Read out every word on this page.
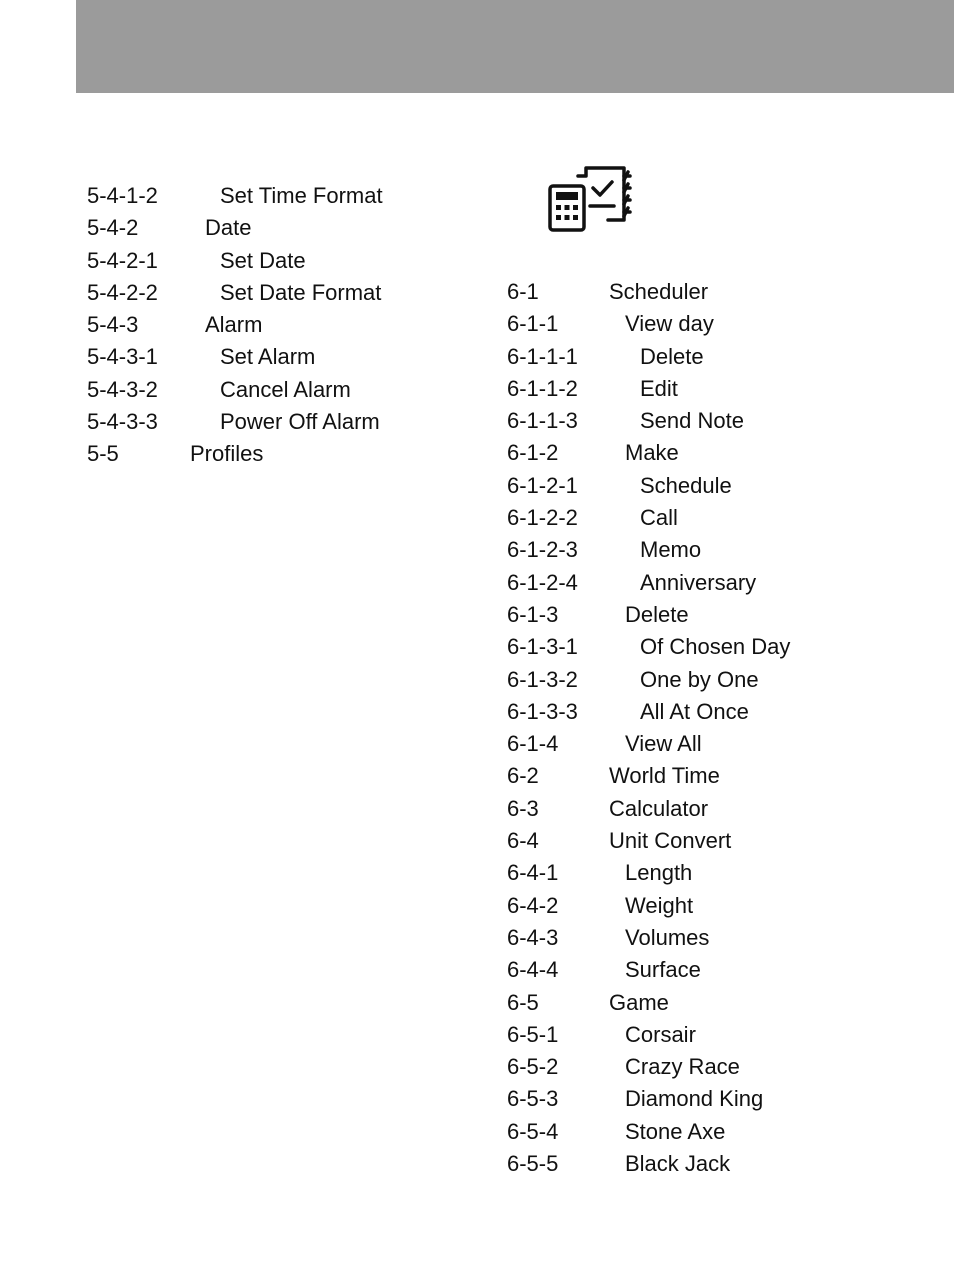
5-4-1-2	Set Time Format
5-4-2	Date
5-4-2-1	Set Date
5-4-2-2	Set Date Format
5-4-3	Alarm
5-4-3-1	Set Alarm
5-4-3-2	Cancel Alarm
5-4-3-3	Power Off Alarm
5-5	Profiles
6-1	Scheduler
6-1-1	View day
6-1-1-1	Delete
6-1-1-2	Edit
6-1-1-3	Send Note
6-1-2	Make
6-1-2-1	Schedule
6-1-2-2	Call
6-1-2-3	Memo
6-1-2-4	Anniversary
6-1-3	Delete
6-1-3-1	Of Chosen Day
6-1-3-2	One by One
6-1-3-3	All At Once
6-1-4	View All
6-2	World Time
6-3	Calculator
6-4	Unit Convert
6-4-1	Length
6-4-2	Weight
6-4-3	Volumes
6-4-4	Surface
6-5	Game
6-5-1	Corsair
6-5-2	Crazy Race
6-5-3	Diamond King
6-5-4	Stone Axe
6-5-5	Black Jack
